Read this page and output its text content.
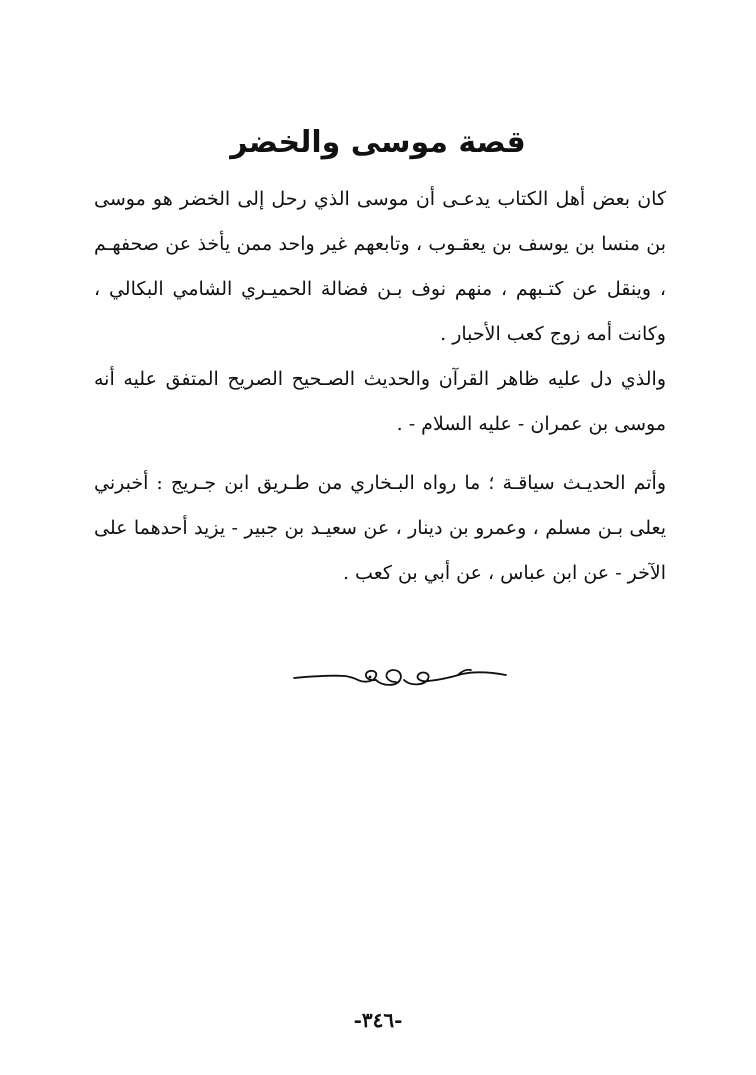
قصة موسى والخضر

كان بعض أهل الكتاب يدعـى أن موسى الذي رحل إلى الخضر هو موسى بن منسا بن يوسف بن يعقـوب ، وتابعهم غير واحد ممن يأخذ عن صحفهـم ، وينقل عن كتـبهم ، منهم نوف بـن فضالة الحميـري الشامي البكالي ، وكانت أمه زوج كعب الأحبار .

والذي دل عليه ظاهر القرآن والحديث الصـحيح الصريح المتفق عليه أنه موسى بن عمران - عليه السلام - .

وأتم الحديـث سياقـة ؛ ما رواه البـخاري من طـريق ابن جـريج : أخبرني يعلى بـن مسلم ، وعمرو بن دينار ، عن سعيـد بن جبير - يزيد أحدهما على الآخر - عن ابن عباس ، عن أبي بن كعب .

-٣٤٦-
